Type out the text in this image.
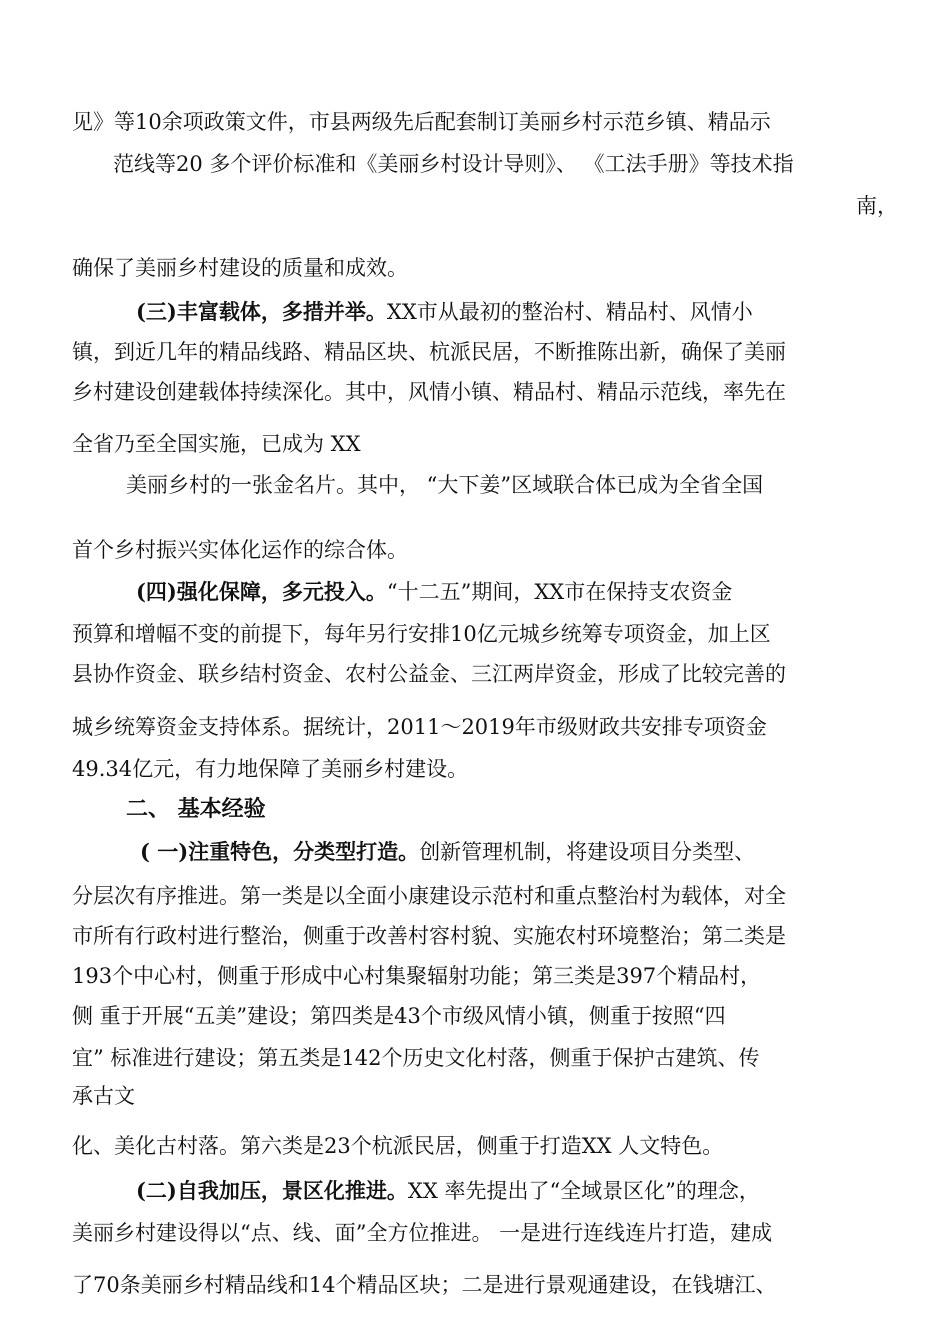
见》等10余项政策文件，市县两级先后配套制订美丽乡村示范乡镇、精品示
范线等20 多个评价标准和《美丽乡村设计导则》、 《工法手册》等技术指
南，
确保了美丽乡村建设的质量和成效。
(三)丰富载体，多措并举。XX市从最初的整治村、精品村、风情小
镇，到近几年的精品线路、精品区块、杭派民居，不断推陈出新，确保了美丽
乡村建设创建载体持续深化。其中，风情小镇、精品村、精品示范线，率先在
全省乃至全国实施，已成为 XX
美丽乡村的一张金名片。其中， “大下姜”区域联合体已成为全省全国
首个乡村振兴实体化运作的综合体。
(四)强化保障，多元投入。“十二五”期间，XX市在保持支农资金
预算和增幅不变的前提下，每年另行安排10亿元城乡统筹专项资金，加上区
县协作资金、联乡结村资金、农村公益金、三江两岸资金，形成了比较完善的
城乡统筹资金支持体系。据统计，2011～2019年市级财政共安排专项资金
49.34亿元，有力地保障了美丽乡村建设。
二、 基本经验
( 一)注重特色，分类型打造。创新管理机制，将建设项目分类型、
分层次有序推进。第一类是以全面小康建设示范村和重点整治村为载体，对全
市所有行政村进行整治，侧重于改善村容村貌、实施农村环境整治；第二类是
193个中心村，侧重于形成中心村集聚辐射功能；第三类是397个精品村，
侧 重于开展“五美”建设；第四类是43个市级风情小镇，侧重于按照“四
宜” 标准进行建设；第五类是142个历史文化村落，侧重于保护古建筑、传
承古文
化、美化古村落。第六类是23个杭派民居，侧重于打造XX 人文特色。
(二)自我加压，景区化推进。XX 率先提出了“全域景区化”的理念，
美丽乡村建设得以“点、线、面”全方位推进。 一是进行连线连片打造，建成
了70条美丽乡村精品线和14个精品区块；二是进行景观通建设，在钱塘江、
